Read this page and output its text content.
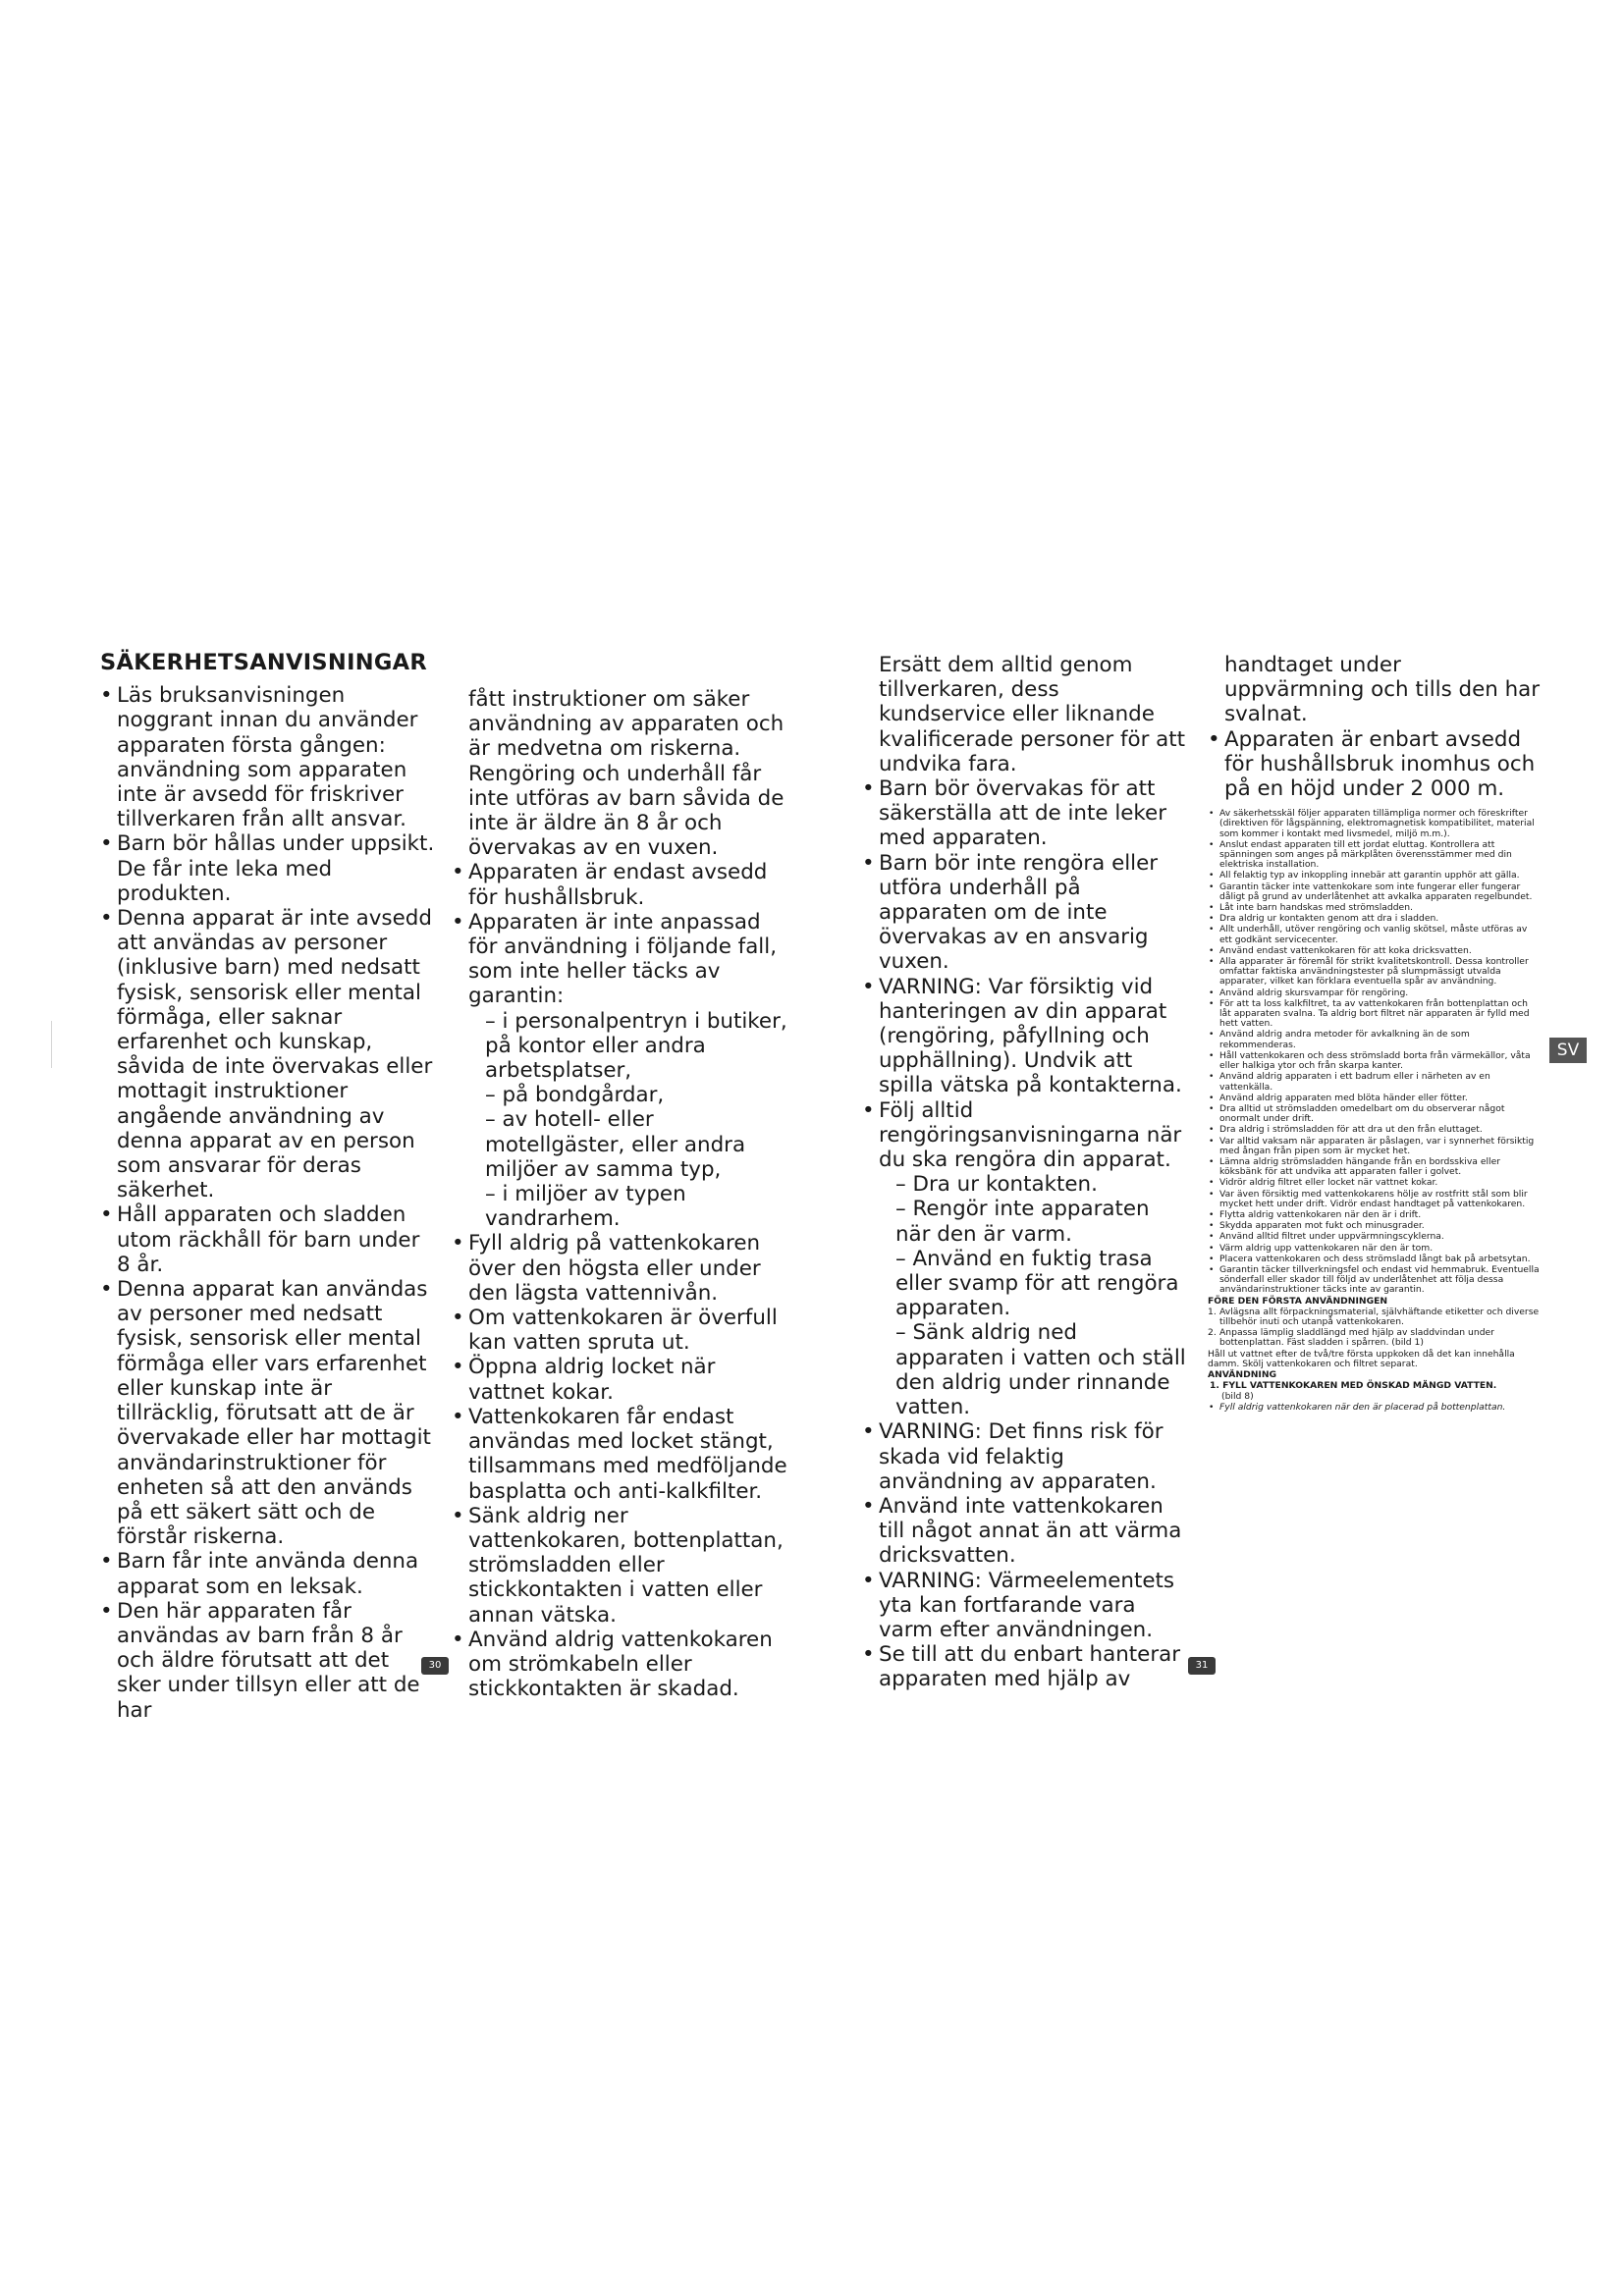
SÄKERHETSANVISNINGAR
• Läs bruksanvisningen noggrant innan du använder apparaten första gången: användning som apparaten inte är avsedd för friskriver tillverkaren från allt ansvar.
• Barn bör hållas under uppsikt. De får inte leka med produkten.
• Denna apparat är inte avsedd att användas av personer (inklusive barn) med nedsatt fysisk, sensorisk eller mental förmåga, eller saknar erfarenhet och kunskap, såvida de inte övervakas eller mottagit instruktioner angående användning av denna apparat av en person som ansvarar för deras säkerhet.
• Håll apparaten och sladden utom räckhåll för barn under 8 år.
• Denna apparat kan användas av personer med nedsatt fysisk, sensorisk eller mental förmåga eller vars erfarenhet eller kunskap inte är tillräcklig, förutsatt att de är övervakade eller har mottagit användarinstruktioner för enheten så att den används på ett säkert sätt och de förstår riskerna.
• Barn får inte använda denna apparat som en leksak.
• Den här apparaten får användas av barn från 8 år och äldre förutsatt att det sker under tillsyn eller att de har

fått instruktioner om säker användning av apparaten och är medvetna om riskerna. Rengöring och underhåll får inte utföras av barn såvida de inte är äldre än 8 år och övervakas av en vuxen.

• Apparaten är endast avsedd för hushållsbruk.
• Apparaten är inte anpassad för användning i följande fall, som inte heller täcks av garantin:
– i personalpentryn i butiker, på kontor eller andra arbetsplatser,
– på bondgårdar,
– av hotell- eller motellgäster, eller andra miljöer av samma typ,
– i miljöer av typen vandrarhem.
• Fyll aldrig på vattenkokaren över den högsta eller under den lägsta vattennivån.
• Om vattenkokaren är överfull kan vatten spruta ut.
• Öppna aldrig locket när vattnet kokar.
• Vattenkokaren får endast användas med locket stängt, tillsammans med medföljande basplatta och anti-kalkfilter.
• Sänk aldrig ner vattenkokaren, bottenplattan, strömsladden eller stickkontakten i vatten eller annan vätska.
• Använd aldrig vattenkokaren om strömkabeln eller stickkontakten är skadad.
30

Ersätt dem alltid genom tillverkaren, dess kundservice eller liknande kvalificerade personer för att undvika fara.

• Barn bör övervakas för att säkerställa att de inte leker med apparaten.
• Barn bör inte rengöra eller utföra underhåll på apparaten om de inte övervakas av en ansvarig vuxen.
• VARNING: Var försiktig vid hanteringen av din apparat (rengöring, påfyllning och upphällning). Undvik att spilla vätska på kontakterna.
• Följ alltid rengöringsanvisningarna när du ska rengöra din apparat.
– Dra ur kontakten.
– Rengör inte apparaten när den är varm.
– Använd en fuktig trasa eller svamp för att rengöra apparaten.
– Sänk aldrig ned apparaten i vatten och ställ den aldrig under rinnande vatten.
• VARNING: Det finns risk för skada vid felaktig användning av apparaten.
• Använd inte vattenkokaren till något annat än att värma dricksvatten.
• VARNING: Värmeelementets yta kan fortfarande vara varm efter användningen.
• Se till att du enbart hanterar apparaten med hjälp av

handtaget under uppvärmning och tills den har svalnat.

• Apparaten är enbart avsedd för hushållsbruk inomhus och på en höjd under 2 000 m.
• Av säkerhetsskäl följer apparaten tillämpliga normer och föreskrifter (direktiven för lågspänning, elektromagnetisk kompatibilitet, material som kommer i kontakt med livsmedel, miljö m.m.).
• Anslut endast apparaten till ett jordat eluttag. Kontrollera att spänningen som anges på märkplåten överensstämmer med din elektriska installation.
• All felaktig typ av inkoppling innebär att garantin upphör att gälla.
• Garantin täcker inte vattenkokare som inte fungerar eller fungerar dåligt på grund av underlåtenhet att avkalka apparaten regelbundet.
• Låt inte barn handskas med strömsladden.
• Dra aldrig ur kontakten genom att dra i sladden.
• Allt underhåll, utöver rengöring och vanlig skötsel, måste utföras av ett godkänt servicecenter.
• Använd endast vattenkokaren för att koka dricksvatten.
• Alla apparater är föremål för strikt kvalitetskontroll. Dessa kontroller omfattar faktiska användningstester på slumpmässigt utvalda apparater, vilket kan förklara eventuella spår av användning.
• Använd aldrig skursvampar för rengöring.
• För att ta loss kalkfiltret, ta av vattenkokaren från bottenplattan och låt apparaten svalna. Ta aldrig bort filtret när apparaten är fylld med hett vatten.
• Använd aldrig andra metoder för avkalkning än de som rekommenderas.
• Håll vattenkokaren och dess strömsladd borta från värmekällor, våta eller halkiga ytor och från skarpa kanter.
• Använd aldrig apparaten i ett badrum eller i närheten av en vattenkälla.
• Använd aldrig apparaten med blöta händer eller fötter.
• Dra alltid ut strömsladden omedelbart om du observerar något onormalt under drift.
• Dra aldrig i strömsladden för att dra ut den från eluttaget.
• Var alltid vaksam när apparaten är påslagen, var i synnerhet försiktig med ångan från pipen som är mycket het.
• Lämna aldrig strömsladden hängande från en bordsskiva eller köksbänk för att undvika att apparaten faller i golvet.
• Vidrör aldrig filtret eller locket när vattnet kokar.
• Var även försiktig med vattenkokarens hölje av rostfritt stål som blir mycket hett under drift. Vidrör endast handtaget på vattenkokaren.
• Flytta aldrig vattenkokaren när den är i drift.
• Skydda apparaten mot fukt och minusgrader.
• Använd alltid filtret under uppvärmningscyklerna.
• Värm aldrig upp vattenkokaren när den är tom.
• Placera vattenkokaren och dess strömsladd långt bak på arbetsytan.
• Garantin täcker tillverkningsfel och endast vid hemmabruk. Eventuella sönderfall eller skador till följd av underlåtenhet att följa dessa användarinstruktioner täcks inte av garantin.
FÖRE DEN FÖRSTA ANVÄNDNINGEN
1. Avlägsna allt förpackningsmaterial, självhäftande etiketter och diverse tillbehör inuti och utanpå vattenkokaren.
2. Anpassa lämplig sladdlängd med hjälp av sladdvindan under bottenplattan. Fäst sladden i spårren. (bild 1)

Håll ut vattnet efter de två/tre första uppkoken då det kan innehålla damm. Skölj vattenkokaren och filtret separat.

ANVÄNDNING
1. FYLL VATTENKOKAREN MED ÖNSKAD MÄNGD VATTEN.

(bild 8)

• Fyll aldrig vattenkokaren när den är placerad på bottenplattan.
SV
31
